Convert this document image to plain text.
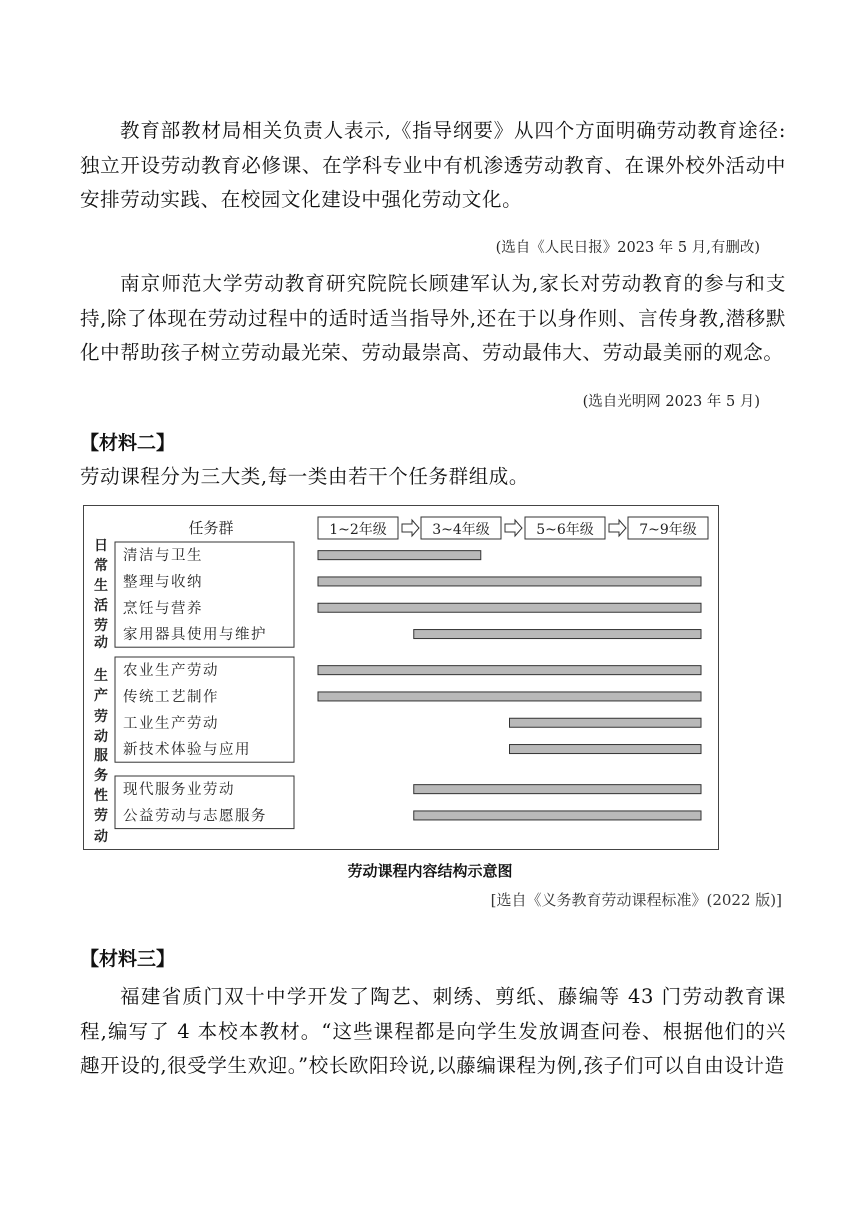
教育部教材局相关负责人表示,《指导纲要》从四个方面明确劳动教育途径:独立开设劳动教育必修课、在学科专业中有机渗透劳动教育、在课外校外活动中安排劳动实践、在校园文化建设中强化劳动文化。

(选自《人民日报》2023 年 5 月,有删改)

南京师范大学劳动教育研究院院长顾建军认为,家长对劳动教育的参与和支持,除了体现在劳动过程中的适时适当指导外,还在于以身作则、言传身教,潜移默化中帮助孩子树立劳动最光荣、劳动最崇高、劳动最伟大、劳动最美丽的观念。

(选自光明网 2023 年 5 月)
【材料二】

劳动课程分为三大类,每一类由若干个任务群组成。

任务群	1~2年级	3~4年级	5~6年级	7~9年级
日
常
生
活
劳
动
清洁与卫生
整理与收纳
烹饪与营养
家用器具使用与维护
生
产
劳
动
农业生产劳动
传统工艺制作
工业生产劳动
新技术体验与应用
服
务
性
劳
动
现代服务业劳动
公益劳动与志愿服务
劳动课程内容结构示意图
[选自《义务教育劳动课程标准》(2022 版)]
【材料三】

福建省质门双十中学开发了陶艺、刺绣、剪纸、藤编等 43 门劳动教育课程,编写了 4 本校本教材。“这些课程都是向学生发放调查问卷、根据他们的兴趣开设的,很受学生欢迎。”校长欧阳玲说,以藤编课程为例,孩子们可以自由设计造
